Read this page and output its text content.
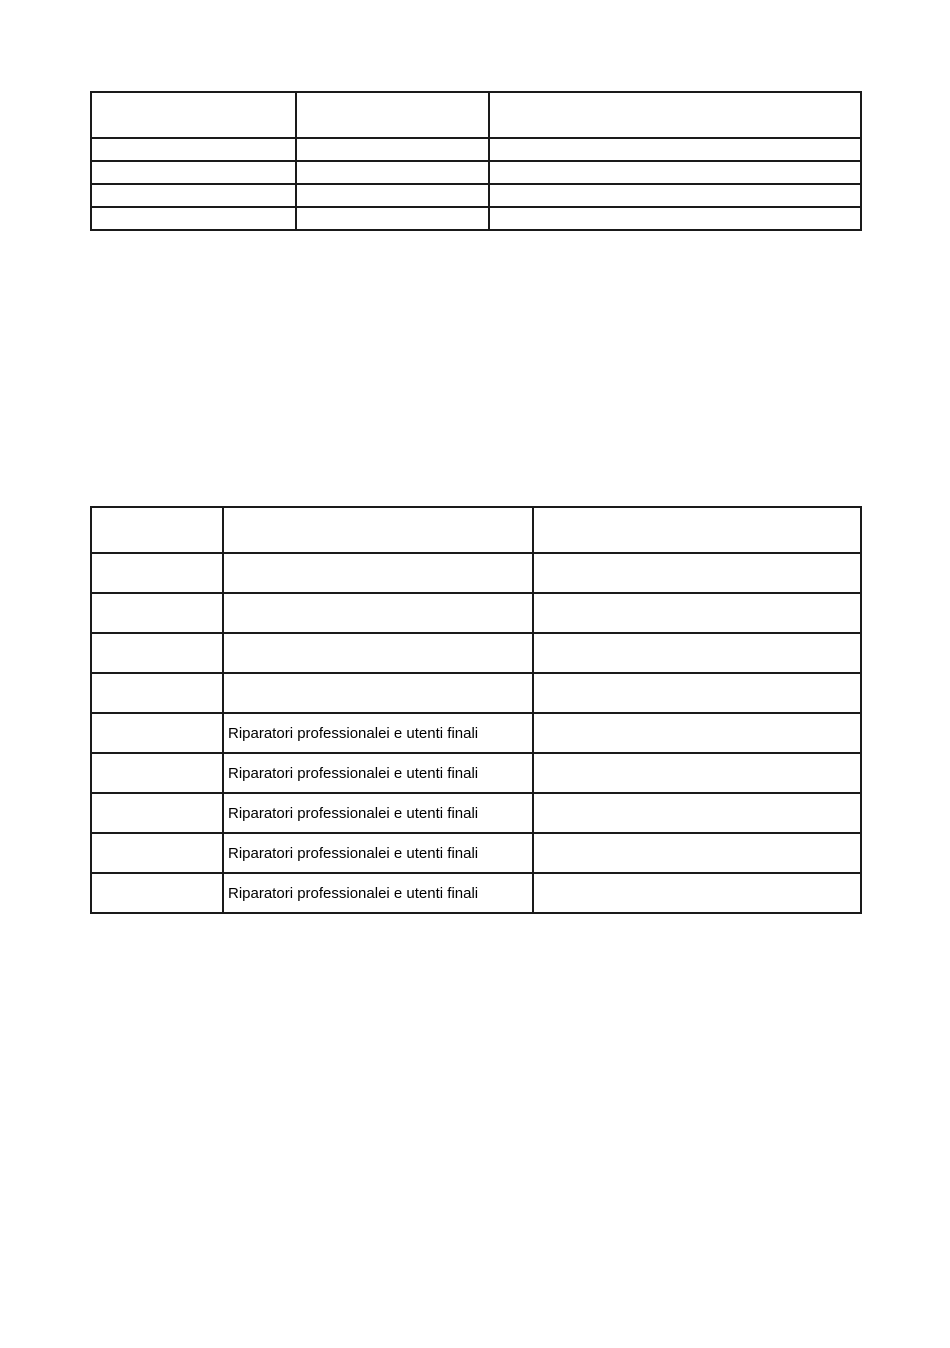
	Riparatori professionalei e utenti finali	
	Riparatori professionalei e utenti finali	
	Riparatori professionalei e utenti finali	
	Riparatori professionalei e utenti finali	
	Riparatori professionalei e utenti finali	
